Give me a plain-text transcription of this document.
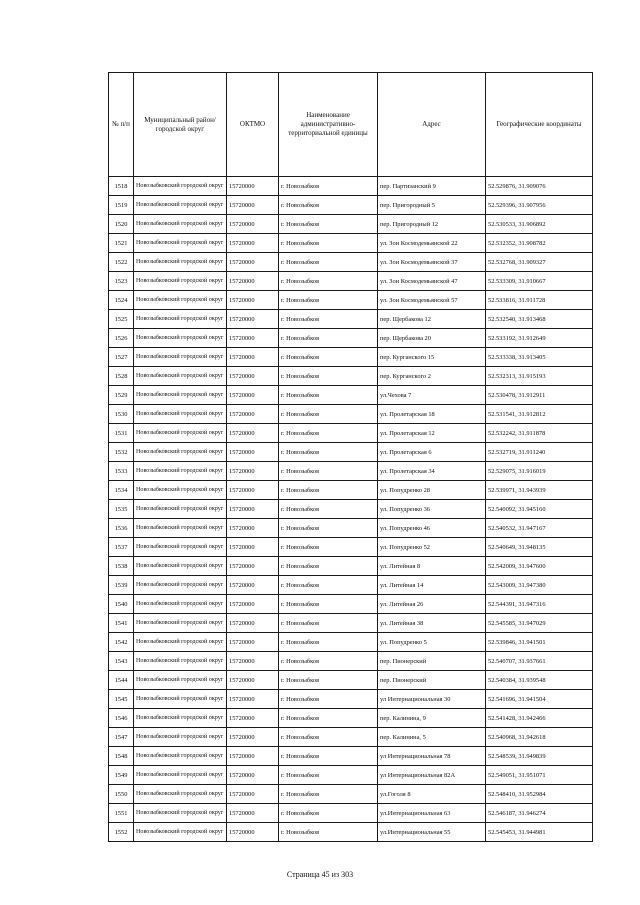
№ п/п	Муниципальный район/городской округ	ОКТМО	Наименование административно-территориальной единицы	Адрес	Географические координаты
1518	Новозыбковский городской округ	15720000	г. Новозыбков	пер. Партизанский 9	52.529876, 31.909076
1519	Новозыбковский городской округ	15720000	г. Новозыбков	пер. Пригородный 5	52.529396, 31.907956
1520	Новозыбковский городской округ	15720000	г. Новозыбков	пер. Пригородный 12	52.530533, 31.906892
1521	Новозыбковский городской округ	15720000	г. Новозыбков	ул. Зои Космодемьянской 22	52.532352, 31.908782
1522	Новозыбковский городской округ	15720000	г. Новозыбков	ул. Зои Космодемьянской 37	52.532768, 31.909327
1523	Новозыбковский городской округ	15720000	г. Новозыбков	ул. Зои Космодемьянской 47	52.533309, 31.910667
1524	Новозыбковский городской округ	15720000	г. Новозыбков	ул. Зои Космодемьянской 57	52.533816, 31.911728
1525	Новозыбковский городской округ	15720000	г. Новозыбков	пер. Щербакова 12	52.532540, 31.913468
1526	Новозыбковский городской округ	15720000	г. Новозыбков	пер. Щербакова 20	52.533192, 31.912649
1527	Новозыбковский городской округ	15720000	г. Новозыбков	пер. Курганского 15	52.533338, 31.913405
1528	Новозыбковский городской округ	15720000	г. Новозыбков	пер. Курганского 2	52.532313, 31.915193
1529	Новозыбковский городской округ	15720000	г. Новозыбков	ул.Чехова 7	52.530478, 31.912911
1530	Новозыбковский городской округ	15720000	г. Новозыбков	ул. Пролетарская 18	52.531541, 31.912812
1531	Новозыбковский городской округ	15720000	г. Новозыбков	ул. Пролетарская 12	52.532242, 31.911878
1532	Новозыбковский городской округ	15720000	г. Новозыбков	ул. Пролетарская 6	52.532719, 31.911240
1533	Новозыбковский городской округ	15720000	г. Новозыбков	ул. Пролетарская 34	52.529075, 31.916019
1534	Новозыбковский городской округ	15720000	г. Новозыбков	ул. Попудренко 28	52.539971, 31.943939
1535	Новозыбковский городской округ	15720000	г. Новозыбков	ул. Попудренко 36	52.540092, 31.945160
1536	Новозыбковский городской округ	15720000	г. Новозыбков	ул. Попудренко 46	52.540532, 31.947167
1537	Новозыбковский городской округ	15720000	г. Новозыбков	ул. Попудренко 52	52.540649, 31.948135
1538	Новозыбковский городской округ	15720000	г. Новозыбков	ул. Литейная 8	52.542009, 31.947600
1539	Новозыбковский городской округ	15720000	г. Новозыбков	ул. Литейная 14	52.543009, 31.947380
1540	Новозыбковский городской округ	15720000	г. Новозыбков	ул. Литейная 26	52.544391, 31.947316
1541	Новозыбковский городской округ	15720000	г. Новозыбков	ул. Литейная 38	52.545585, 31.947029
1542	Новозыбковский городской округ	15720000	г. Новозыбков	ул. Попудренко 5	52.539846, 31.941501
1543	Новозыбковский городской округ	15720000	г. Новозыбков	пер. Пионерский	52.540707, 31.937661
1544	Новозыбковский городской округ	15720000	г. Новозыбков	пер. Пионерский	52.540384, 31.939548
1545	Новозыбковский городской округ	15720000	г. Новозыбков	ул Интернациональная 30	52.541696, 31.941504
1546	Новозыбковский городской округ	15720000	г. Новозыбков	пер. Калинина, 9	52.541428, 31.942466
1547	Новозыбковский городской округ	15720000	г. Новозыбков	пер. Калинина, 5	52.540968, 31.942618
1548	Новозыбковский городской округ	15720000	г. Новозыбков	ул Интернациональная 78	52.548539, 31.949839
1549	Новозыбковский городской округ	15720000	г. Новозыбков	ул Интернациональная 82А	52.549051, 31.951071
1550	Новозыбковский городской округ	15720000	г. Новозыбков	ул.Гоголя 8	52.548410, 31.952984
1551	Новозыбковский городской округ	15720000	г. Новозыбков	ул.Интернациональная 63	52.546187, 31.946274
1552	Новозыбковский городской округ	15720000	г. Новозыбков	ул.Интернациональная 55	52.545453, 31.944981
Страница 45 из 303
